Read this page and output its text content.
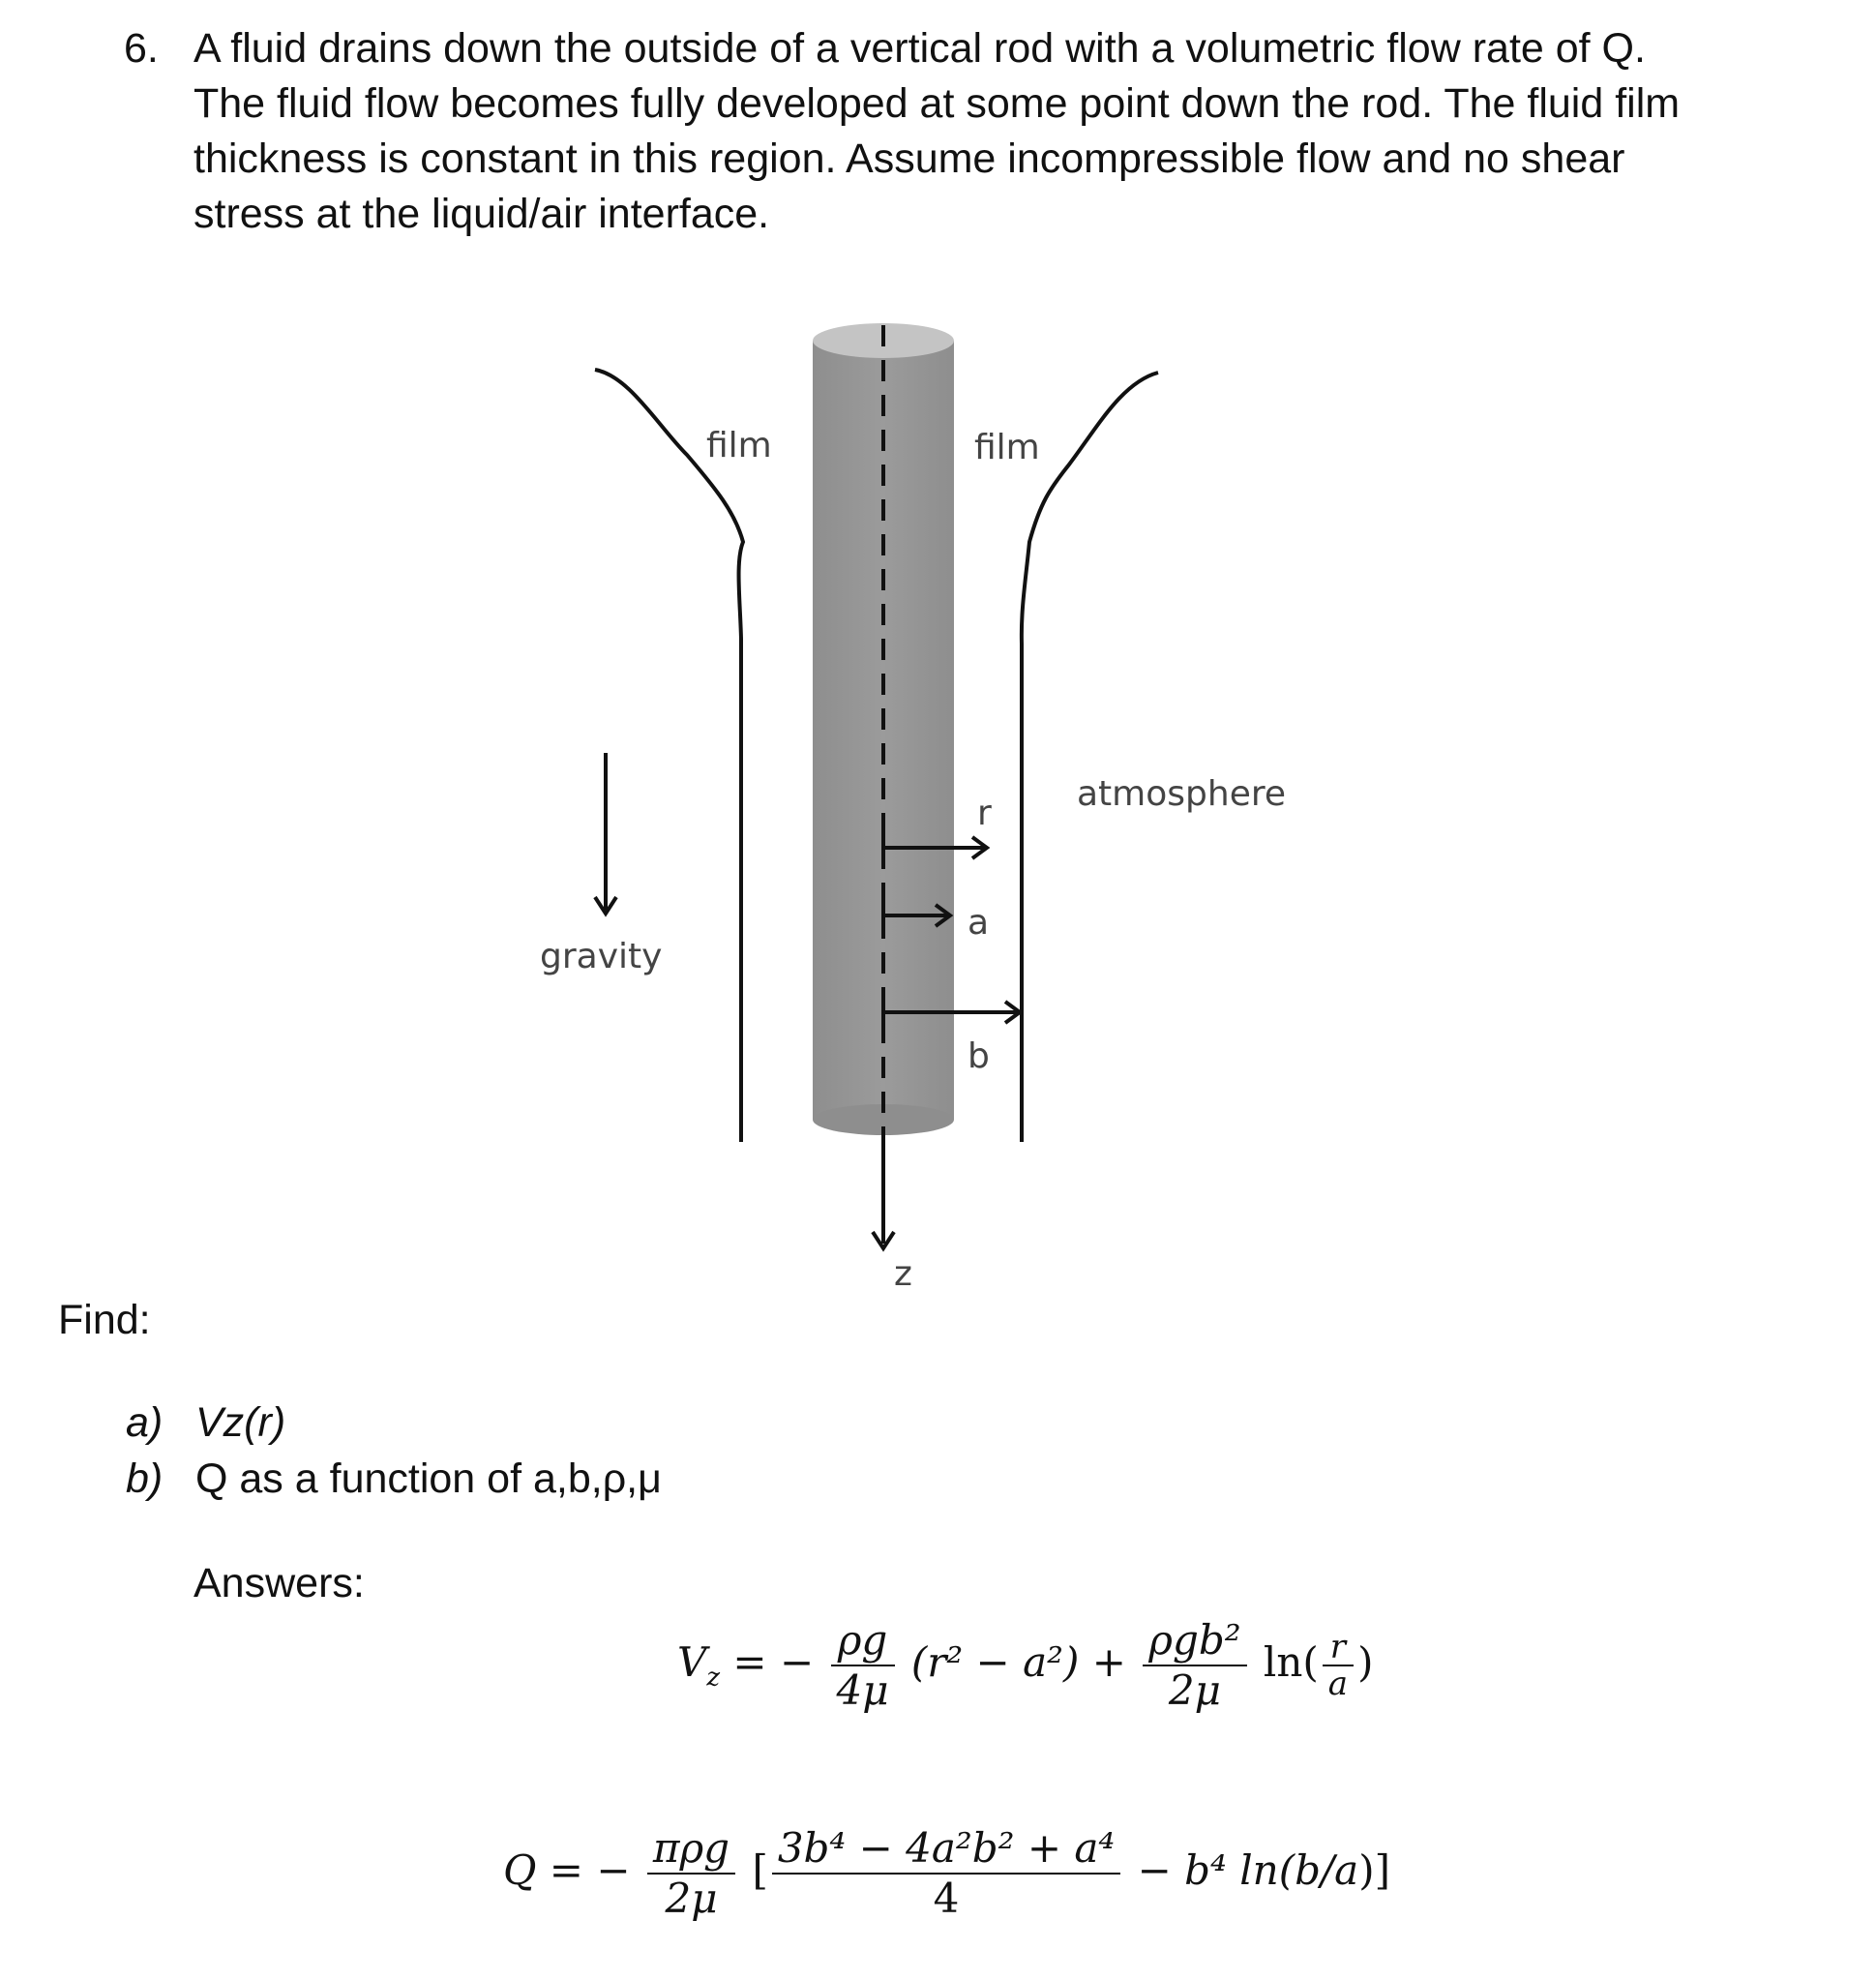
6. A fluid drains down the outside of a vertical rod with a volumetric flow rate of Q.
The fluid flow becomes fully developed at some point down the rod. The fluid film
thickness is constant in this region. Assume incompressible flow and no shear
stress at the liquid/air interface.
film	film
atmosphere
gravity
r
a
b
z
Find:
a) Vz(r)
b) Q as a function of a,b,ρ,μ
Answers:
$V_z$ = − $\frac{\rho g}{4\mu} (r^2 - a^2) + \frac{\text{ρgb²}}{2\mu} \ln( \frac{r}{a}$ )
Q = − $\frac{\text{πρg}}{2\mu}$ [ $\frac{\text{3b⁴ − 4a²b² + a⁴}}{4} - b^4$ ln(b/a)]
